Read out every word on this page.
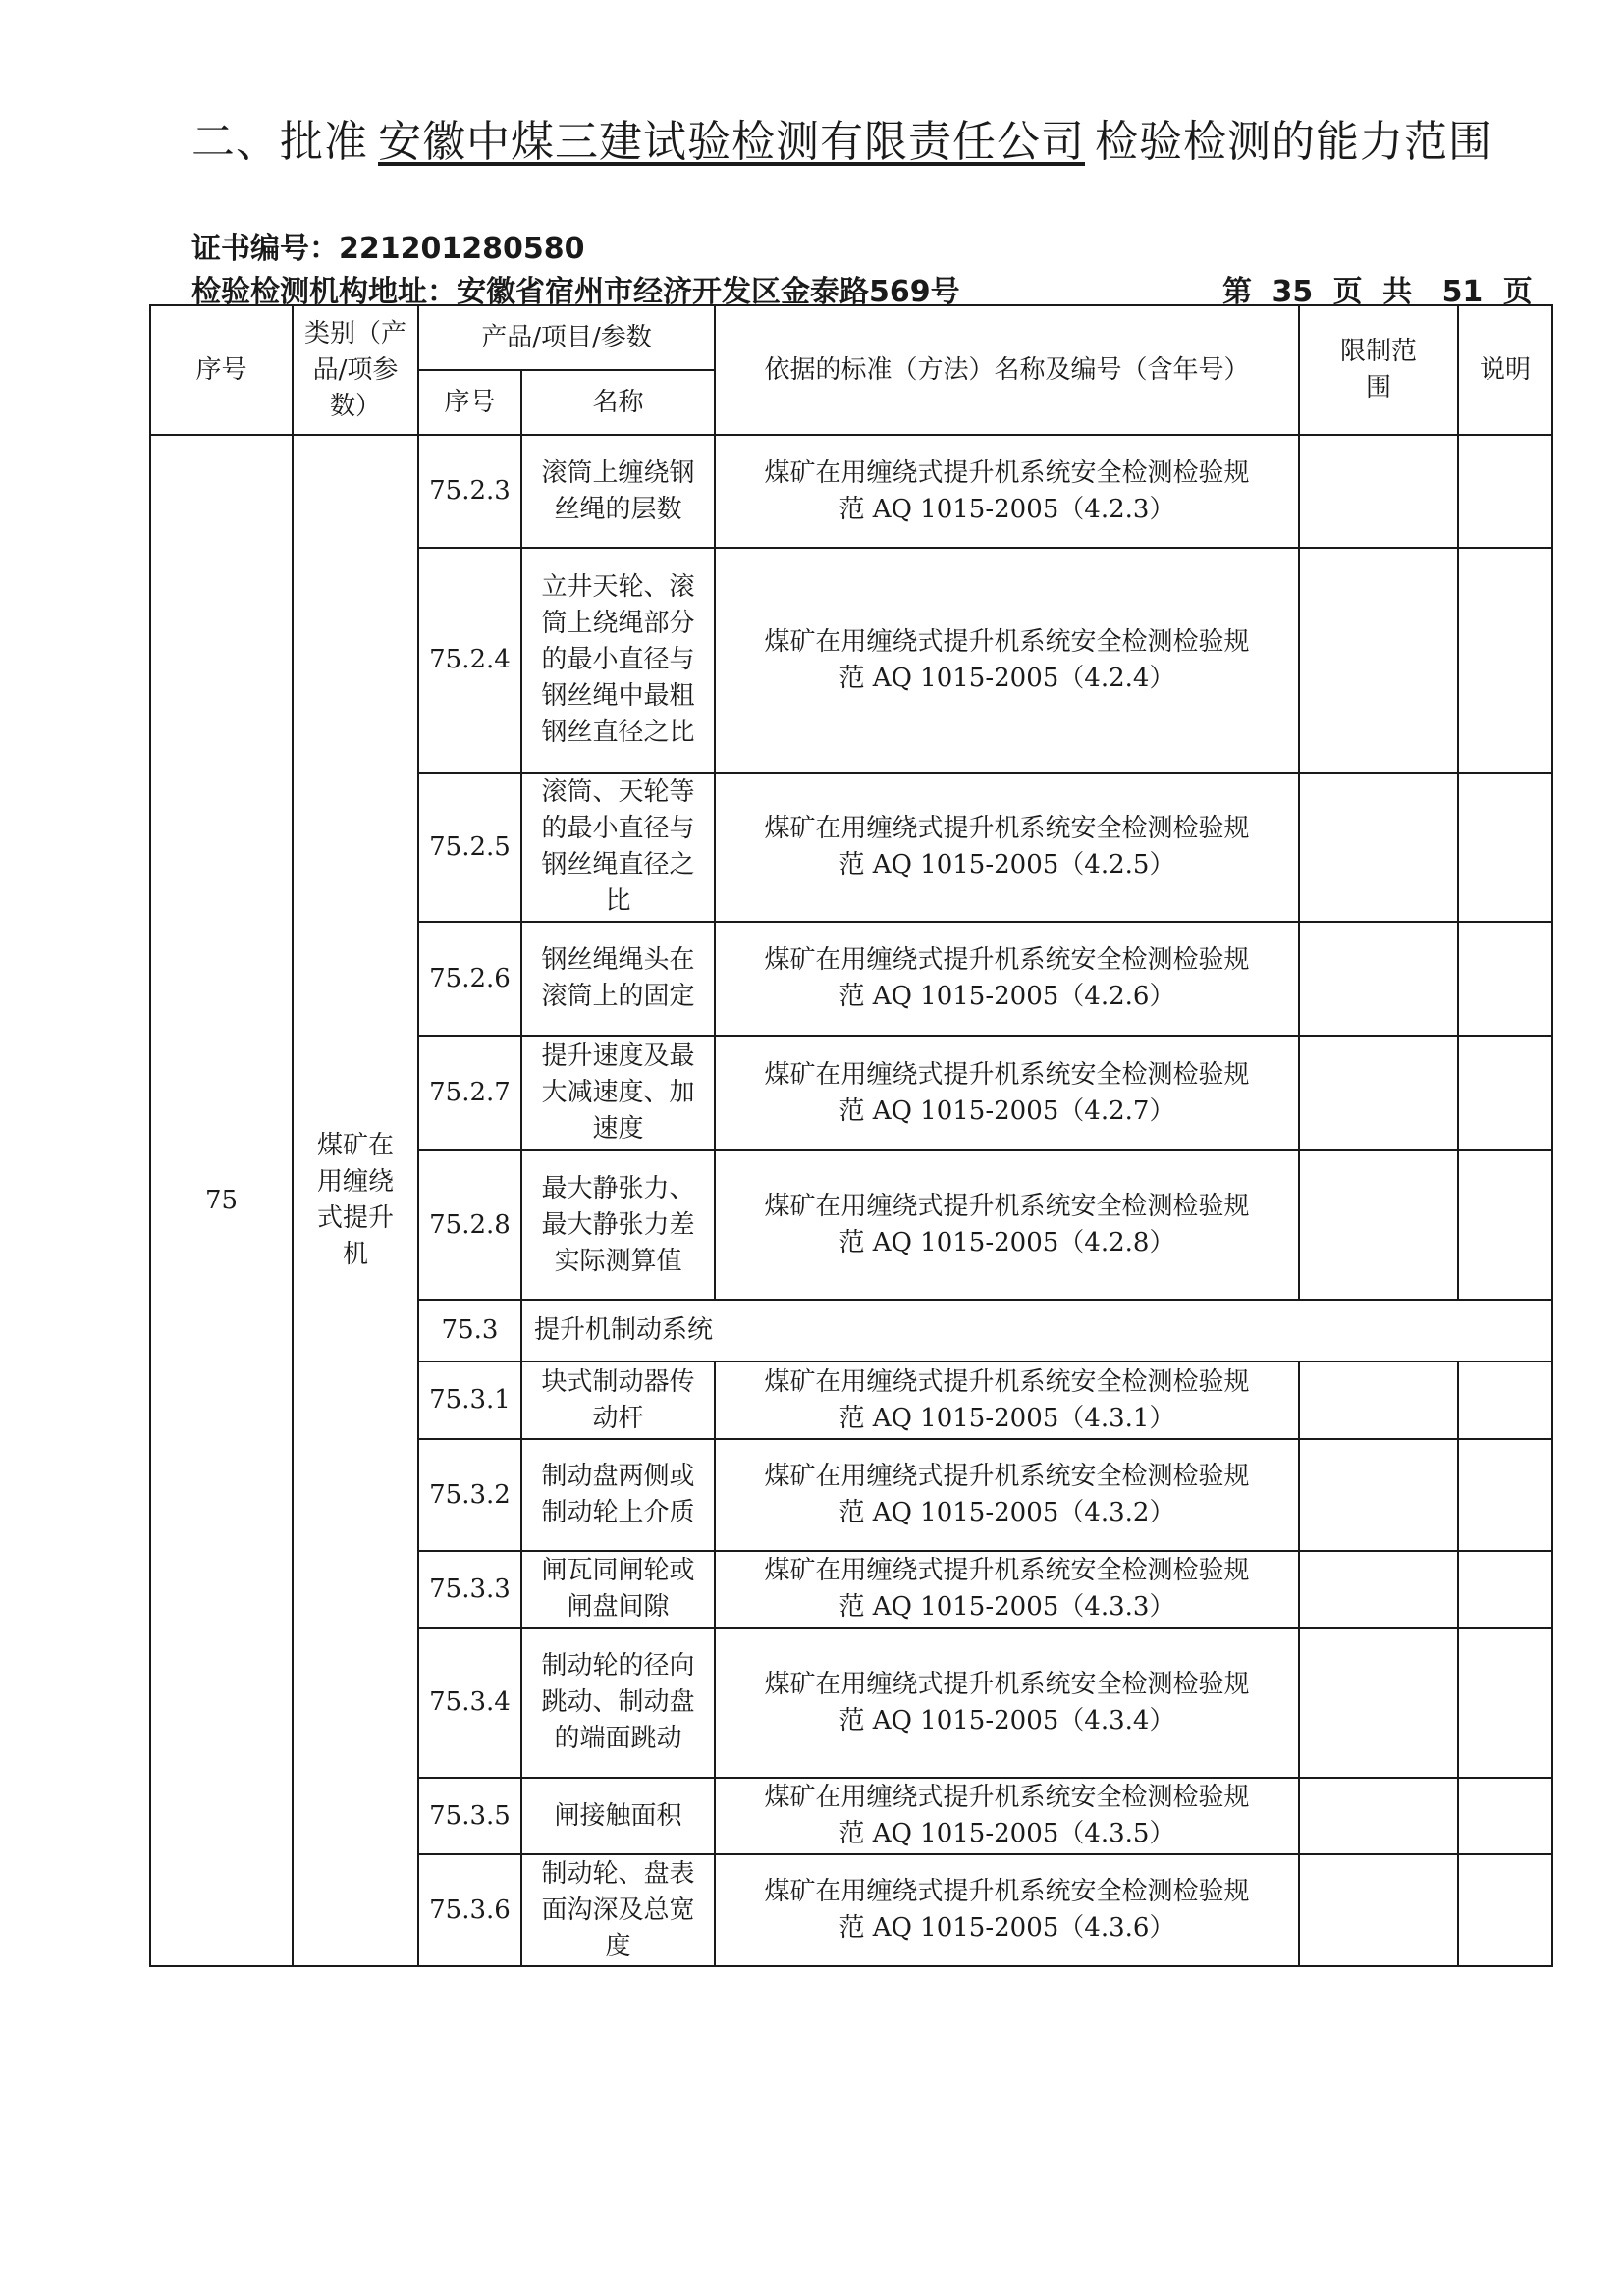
二、批准 安徽中煤三建试验检测有限责任公司 检验检测的能力范围
证书编号：221201280580
检验检测机构地址：安徽省宿州市经济开发区金泰路569号	第 35 页 共 51 页
序号	类别（产品/项参数）	产品/项目/参数		依据的标准（方法）名称及编号（含年号）	限制范围	说明
		序号	名称			
75	煤矿在用缠绕式提升机	75.2.3	滚筒上缠绕钢丝绳的层数	煤矿在用缠绕式提升机系统安全检测检验规
范 AQ 1015-2005（4.2.3）		

		75.2.4	立井天轮、滚筒上绕绳部分的最小直径与钢丝绳中最粗钢丝直径之比	煤矿在用缠绕式提升机系统安全检测检验规
范 AQ 1015-2005（4.2.4）		

		75.2.5	滚筒、天轮等的最小直径与钢丝绳直径之比	煤矿在用缠绕式提升机系统安全检测检验规
范 AQ 1015-2005（4.2.5）		

		75.2.6	钢丝绳绳头在滚筒上的固定	煤矿在用缠绕式提升机系统安全检测检验规
范 AQ 1015-2005（4.2.6）		

		75.2.7	提升速度及最大减速度、加速度	煤矿在用缠绕式提升机系统安全检测检验规
范 AQ 1015-2005（4.2.7）		

		75.2.8	最大静张力、最大静张力差实际测算值	煤矿在用缠绕式提升机系统安全检测检验规
范 AQ 1015-2005（4.2.8）		

		75.3	提升机制动系统			
		75.3.1	块式制动器传动杆	煤矿在用缠绕式提升机系统安全检测检验规
范 AQ 1015-2005（4.3.1）		

		75.3.2	制动盘两侧或制动轮上介质	煤矿在用缠绕式提升机系统安全检测检验规
范 AQ 1015-2005（4.3.2）		

		75.3.3	闸瓦同闸轮或闸盘间隙	煤矿在用缠绕式提升机系统安全检测检验规
范 AQ 1015-2005（4.3.3）		

		75.3.4	制动轮的径向跳动、制动盘的端面跳动	煤矿在用缠绕式提升机系统安全检测检验规
范 AQ 1015-2005（4.3.4）		

		75.3.5	闸接触面积	煤矿在用缠绕式提升机系统安全检测检验规
范 AQ 1015-2005（4.3.5）		

		75.3.6	制动轮、盘表面沟深及总宽度	煤矿在用缠绕式提升机系统安全检测检验规
范 AQ 1015-2005（4.3.6）		
